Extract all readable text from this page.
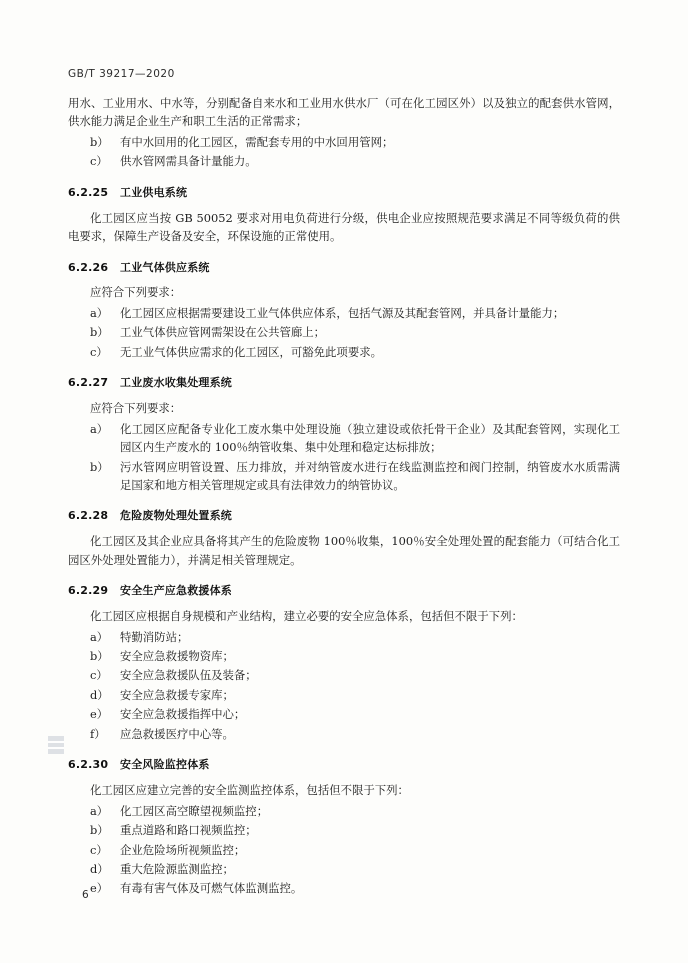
GB/T 39217—2020

用水、工业用水、中水等，分别配备自来水和工业用水供水厂（可在化工园区外）以及独立的配套供水管网，供水能力满足企业生产和职工生活的正常需求；

b） 有中水回用的化工园区，需配套专用的中水回用管网；
c）	供水管网需具备计量能力。
6.2.25 工业供电系统

化工园区应当按 GB 50052 要求对用电负荷进行分级，供电企业应按照规范要求满足不同等级负荷的供电要求，保障生产设备及安全，环保设施的正常使用。

6.2.26 工业气体供应系统

应符合下列要求：

a）	化工园区应根据需要建设工业气体供应体系，包括气源及其配套管网，并具备计量能力；
b） 工业气体供应管网需架设在公共管廊上；
c）	无工业气体供应需求的化工园区，可豁免此项要求。
6.2.27 工业废水收集处理系统

应符合下列要求：

a）	化工园区应配备专业化工废水集中处理设施（独立建设或依托骨干企业）及其配套管网，实现化工园区内生产废水的 100％纳管收集、集中处理和稳定达标排放；
b） 污水管网应明管设置、压力排放，并对纳管废水进行在线监测监控和阀门控制，纳管废水水质需满足国家和地方相关管理规定或具有法律效力的纳管协议。
6.2.28 危险废物处理处置系统

化工园区及其企业应具备将其产生的危险废物 100％收集，100％安全处理处置的配套能力（可结合化工园区外处理处置能力），并满足相关管理规定。

6.2.29 安全生产应急救援体系

化工园区应根据自身规模和产业结构，建立必要的安全应急体系，包括但不限于下列：

a）	特勤消防站；
b） 安全应急救援物资库；
c）	安全应急救援队伍及装备；
d） 安全应急救援专家库；
e）	安全应急救援指挥中心；
f）	应急救援医疗中心等。
6.2.30 安全风险监控体系

化工园区应建立完善的安全监测监控体系，包括但不限于下列：

a）	化工园区高空瞭望视频监控；
b） 重点道路和路口视频监控；
c）	企业危险场所视频监控；
d） 重大危险源监测监控；
e）	有毒有害气体及可燃气体监测监控。
6
